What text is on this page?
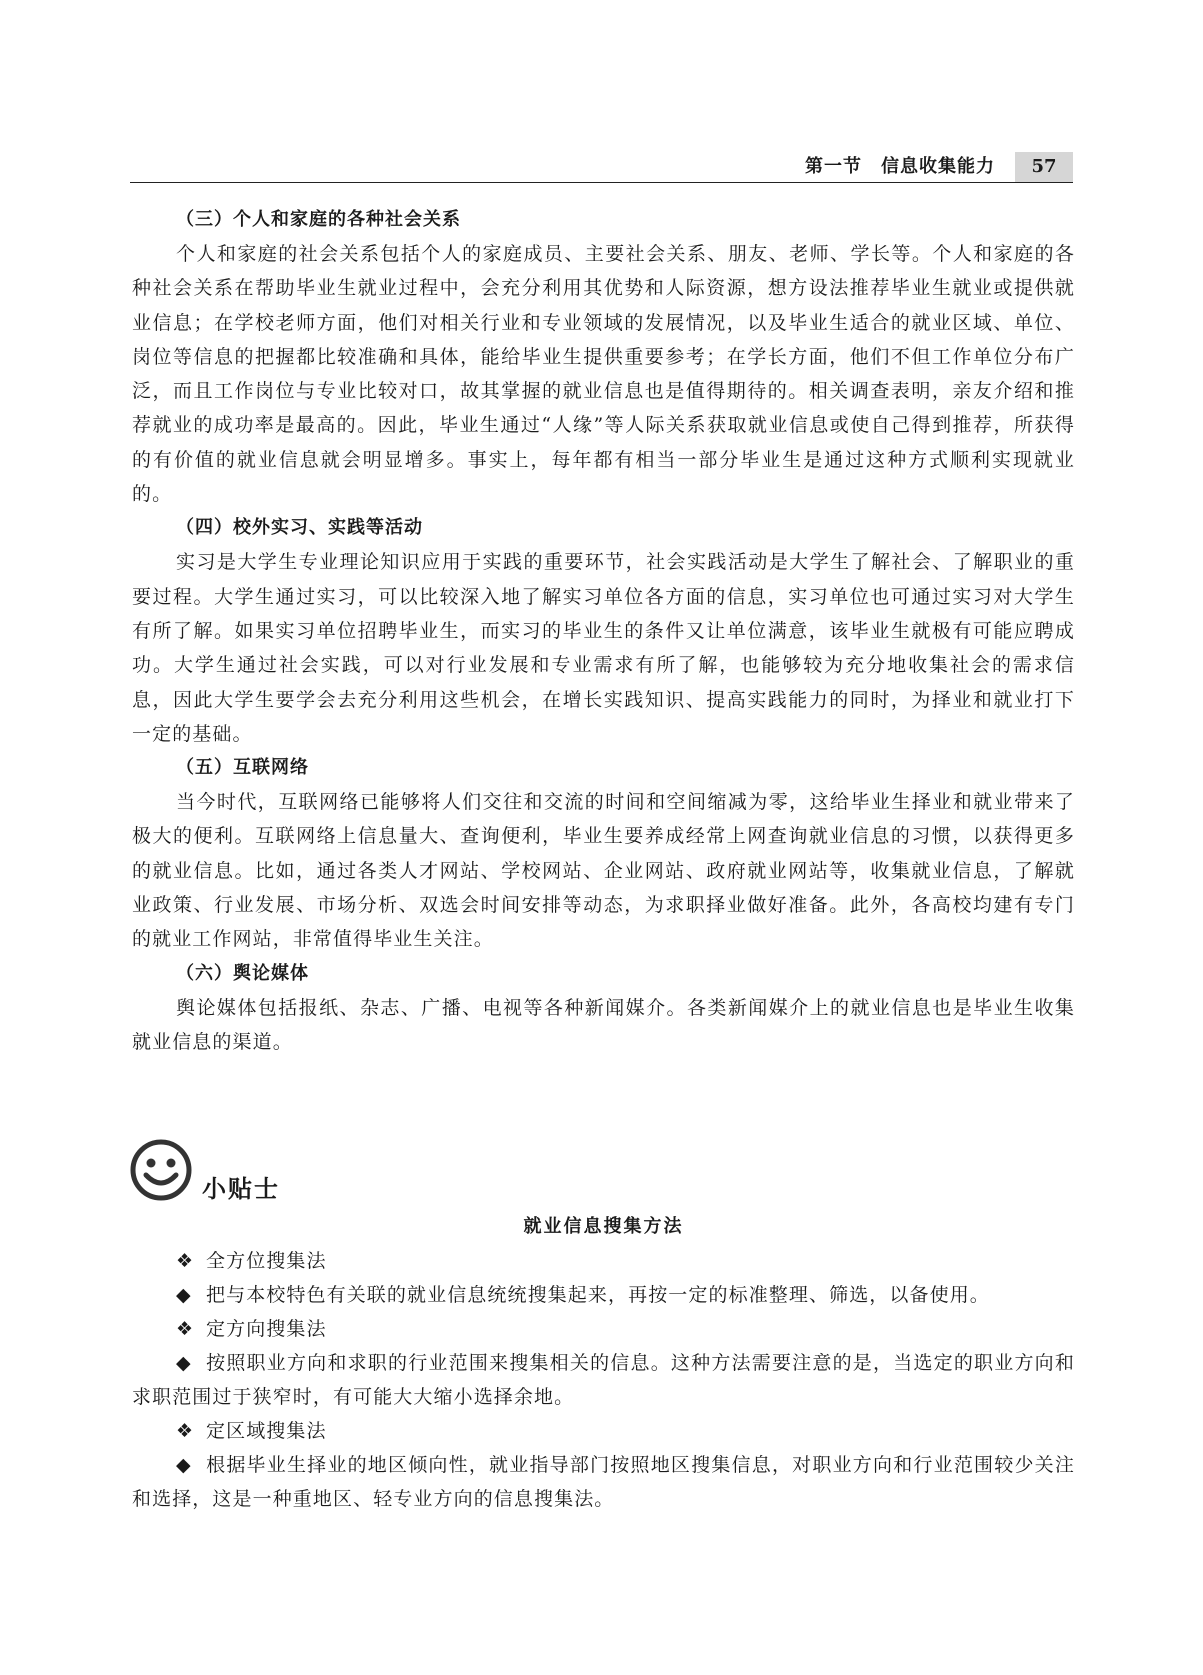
第一节　信息收集能力	57
（三）个人和家庭的各种社会关系

个人和家庭的社会关系包括个人的家庭成员、主要社会关系、朋友、老师、学长等。个人和家庭的各种社会关系在帮助毕业生就业过程中，会充分利用其优势和人际资源，想方设法推荐毕业生就业或提供就业信息；在学校老师方面，他们对相关行业和专业领域的发展情况，以及毕业生适合的就业区域、单位、岗位等信息的把握都比较准确和具体，能给毕业生提供重要参考；在学长方面，他们不但工作单位分布广泛，而且工作岗位与专业比较对口，故其掌握的就业信息也是值得期待的。相关调查表明，亲友介绍和推荐就业的成功率是最高的。因此，毕业生通过“人缘”等人际关系获取就业信息或使自己得到推荐，所获得的有价值的就业信息就会明显增多。事实上，每年都有相当一部分毕业生是通过这种方式顺利实现就业的。

（四）校外实习、实践等活动

实习是大学生专业理论知识应用于实践的重要环节，社会实践活动是大学生了解社会、了解职业的重要过程。大学生通过实习，可以比较深入地了解实习单位各方面的信息，实习单位也可通过实习对大学生有所了解。如果实习单位招聘毕业生，而实习的毕业生的条件又让单位满意，该毕业生就极有可能应聘成功。大学生通过社会实践，可以对行业发展和专业需求有所了解，也能够较为充分地收集社会的需求信息，因此大学生要学会去充分利用这些机会，在增长实践知识、提高实践能力的同时，为择业和就业打下一定的基础。

（五）互联网络

当今时代，互联网络已能够将人们交往和交流的时间和空间缩减为零，这给毕业生择业和就业带来了极大的便利。互联网络上信息量大、查询便利，毕业生要养成经常上网查询就业信息的习惯，以获得更多的就业信息。比如，通过各类人才网站、学校网站、企业网站、政府就业网站等，收集就业信息，了解就业政策、行业发展、市场分析、双选会时间安排等动态，为求职择业做好准备。此外，各高校均建有专门的就业工作网站，非常值得毕业生关注。

（六）舆论媒体

舆论媒体包括报纸、杂志、广播、电视等各种新闻媒介。各类新闻媒介上的就业信息也是毕业生收集就业信息的渠道。

小贴士
就业信息搜集方法

❖ 全方位搜集法

◆ 把与本校特色有关联的就业信息统统搜集起来，再按一定的标准整理、筛选，以备使用。

❖ 定方向搜集法

◆ 按照职业方向和求职的行业范围来搜集相关的信息。这种方法需要注意的是，当选定的职业方向和求职范围过于狭窄时，有可能大大缩小选择余地。

❖ 定区域搜集法

◆ 根据毕业生择业的地区倾向性，就业指导部门按照地区搜集信息，对职业方向和行业范围较少关注和选择，这是一种重地区、轻专业方向的信息搜集法。
